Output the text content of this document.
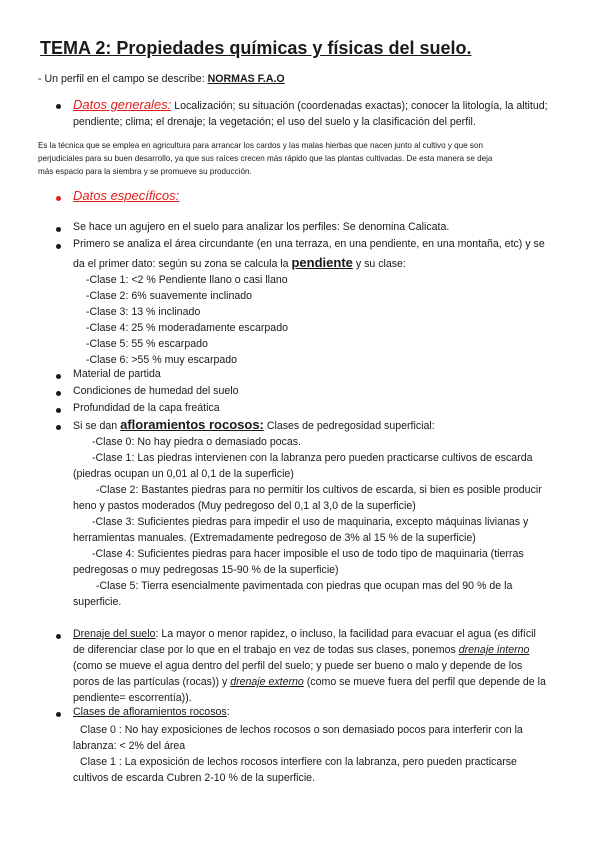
TEMA 2: Propiedades químicas y físicas del suelo.
- Un perfil en el campo se describe: NORMAS F.A.O
Datos generales: Localización; su situación (coordenadas exactas); conocer la litología, la altitud;
pendiente; clima; el drenaje; la vegetación; el uso del suelo y la clasificación del perfil.
Es la técnica que se emplea en agricultura para arrancar los cardos y las malas hierbas que nacen junto al cultivo y que son
perjudiciales para su buen desarrollo, ya que sus raíces crecen más rápido que las plantas cultivadas. De esta manera se deja
más espacio para la siembra y se promueve su producción.
Datos específicos:
Se hace un agujero en el suelo para analizar los perfiles: Se denomina Calicata.
Primero se analiza el área circundante (en una terraza, en una pendiente, en una montaña, etc) y se
da el primer dato: según su zona se calcula la pendiente y su clase:
-Clase 1: <2 % Pendiente llano o casi llano
-Clase 2: 6% suavemente inclinado
-Clase 3: 13 % inclinado
-Clase 4: 25 % moderadamente escarpado
-Clase 5: 55 % escarpado
-Clase 6: >55 % muy escarpado
Material de partida
Condiciones de humedad del suelo
Profundidad de la capa freática
Si se dan afloramientos rocosos: Clases de pedregosidad superficial:
-Clase 0: No hay piedra o demasiado pocas.
-Clase 1: Las piedras intervienen con la labranza pero pueden practicarse cultivos de escarda
(piedras ocupan un 0,01 al 0,1 de la superficie)
-Clase 2: Bastantes piedras para no permitir los cultivos de escarda, si bien es posible producir
heno y pastos moderados (Muy pedregoso del 0,1 al 3,0 de la superficie)
-Clase 3: Suficientes piedras para impedir el uso de maquinaria, excepto máquinas livianas y
herramientas manuales. (Extremadamente pedregoso de 3% al 15 % de la superficie)
-Clase 4: Suficientes piedras para hacer imposible el uso de todo tipo de maquinaria (tierras
pedregosas o muy pedregosas 15-90 % de la superficie)
-Clase 5: Tierra esencialmente pavimentada con piedras que ocupan mas del 90 % de la
superficie.
Drenaje del suelo: La mayor o menor rapidez, o incluso, la facilidad para evacuar el agua (es difícil
de diferenciar clase por lo que en el trabajo en vez de todas sus clases, ponemos drenaje interno
(como se mueve el agua dentro del perfil del suelo; y puede ser bueno o malo y depende de los
poros de las partículas (rocas)) y drenaje externo (como se mueve fuera del perfil que depende de la
pendiente= escorrentía)).
Clases de afloramientos rocosos:
Clase 0 : No hay exposiciones de lechos rocosos o son demasiado pocos para interferir con la
labranza: < 2% del área
Clase 1 : La exposición de lechos rocosos interfiere con la labranza, pero pueden practicarse
cultivos de escarda Cubren 2-10 % de la superficie.
